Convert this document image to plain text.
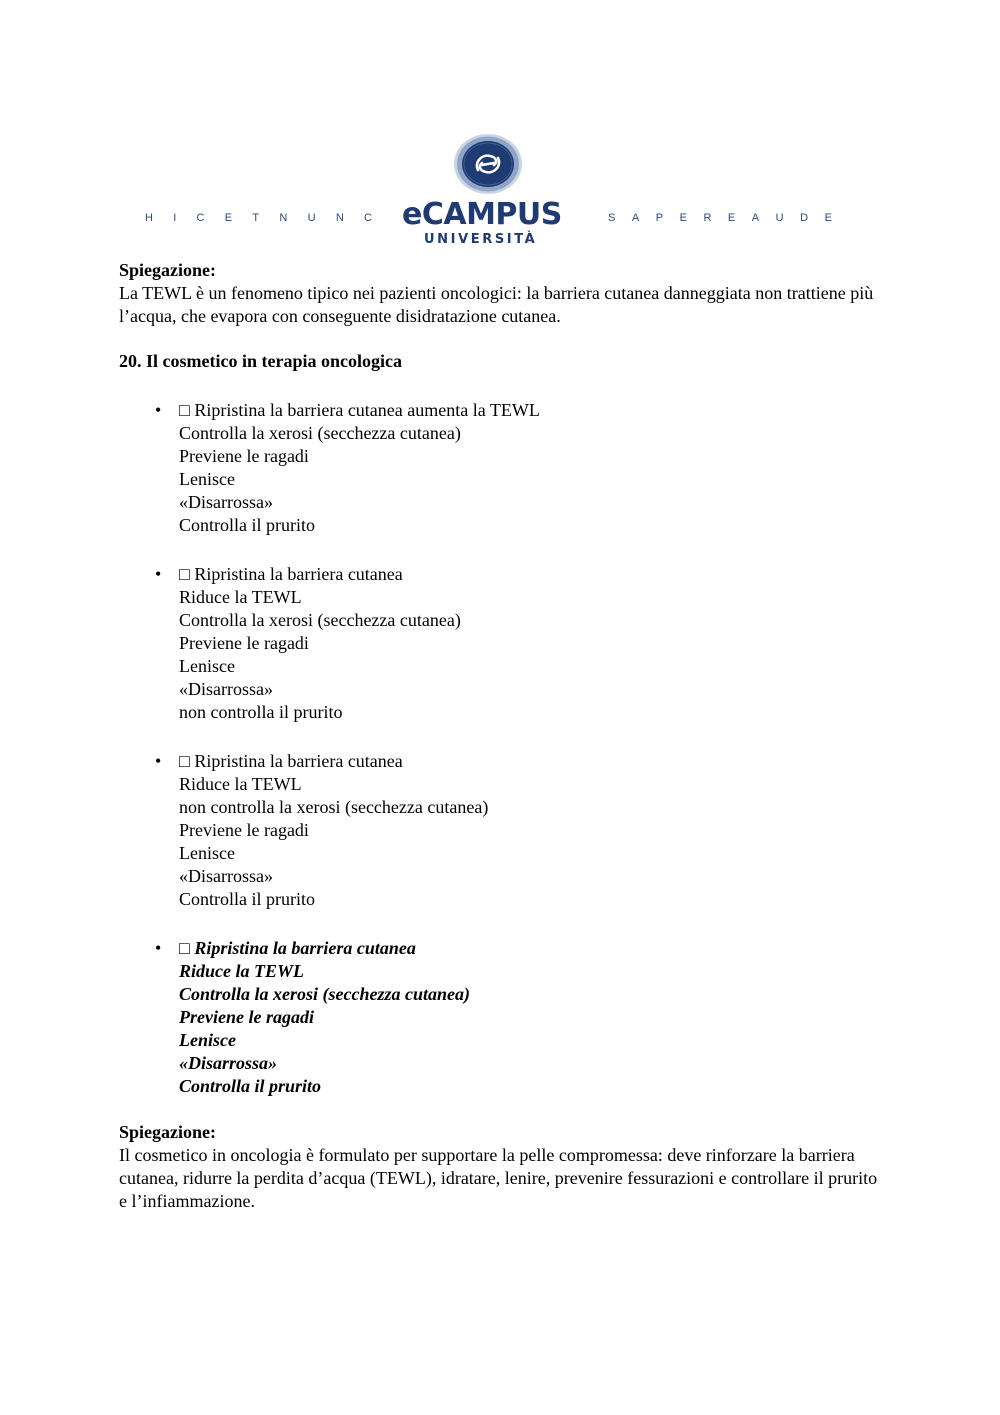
H I C E T N U N C eCAMPUS
UNIVERSITÀ
S A P E R E A U D E

Spiegazione:

La TEWL è un fenomeno tipico nei pazienti oncologici: la barriera cutanea danneggiata non trattiene più l’acqua, che evapora con conseguente disidratazione cutanea.

20. Il cosmetico in terapia oncologica

• □ Ripristina la barriera cutanea aumenta la TEWL
Controlla la xerosi (secchezza cutanea)
Previene le ragadi
Lenisce
«Disarrossa»
Controlla il prurito
• □ Ripristina la barriera cutanea
Riduce la TEWL
Controlla la xerosi (secchezza cutanea)
Previene le ragadi
Lenisce
«Disarrossa»
non controlla il prurito
• □ Ripristina la barriera cutanea
Riduce la TEWL
non controlla la xerosi (secchezza cutanea)
Previene le ragadi
Lenisce
«Disarrossa»
Controlla il prurito
• □ Ripristina la barriera cutanea
Riduce la TEWL
Controlla la xerosi (secchezza cutanea)
Previene le ragadi
Lenisce
«Disarrossa»
Controlla il prurito

Spiegazione:

Il cosmetico in oncologia è formulato per supportare la pelle compromessa: deve rinforzare la barriera cutanea, ridurre la perdita d’acqua (TEWL), idratare, lenire, prevenire fessurazioni e controllare il prurito e l’infiammazione.
